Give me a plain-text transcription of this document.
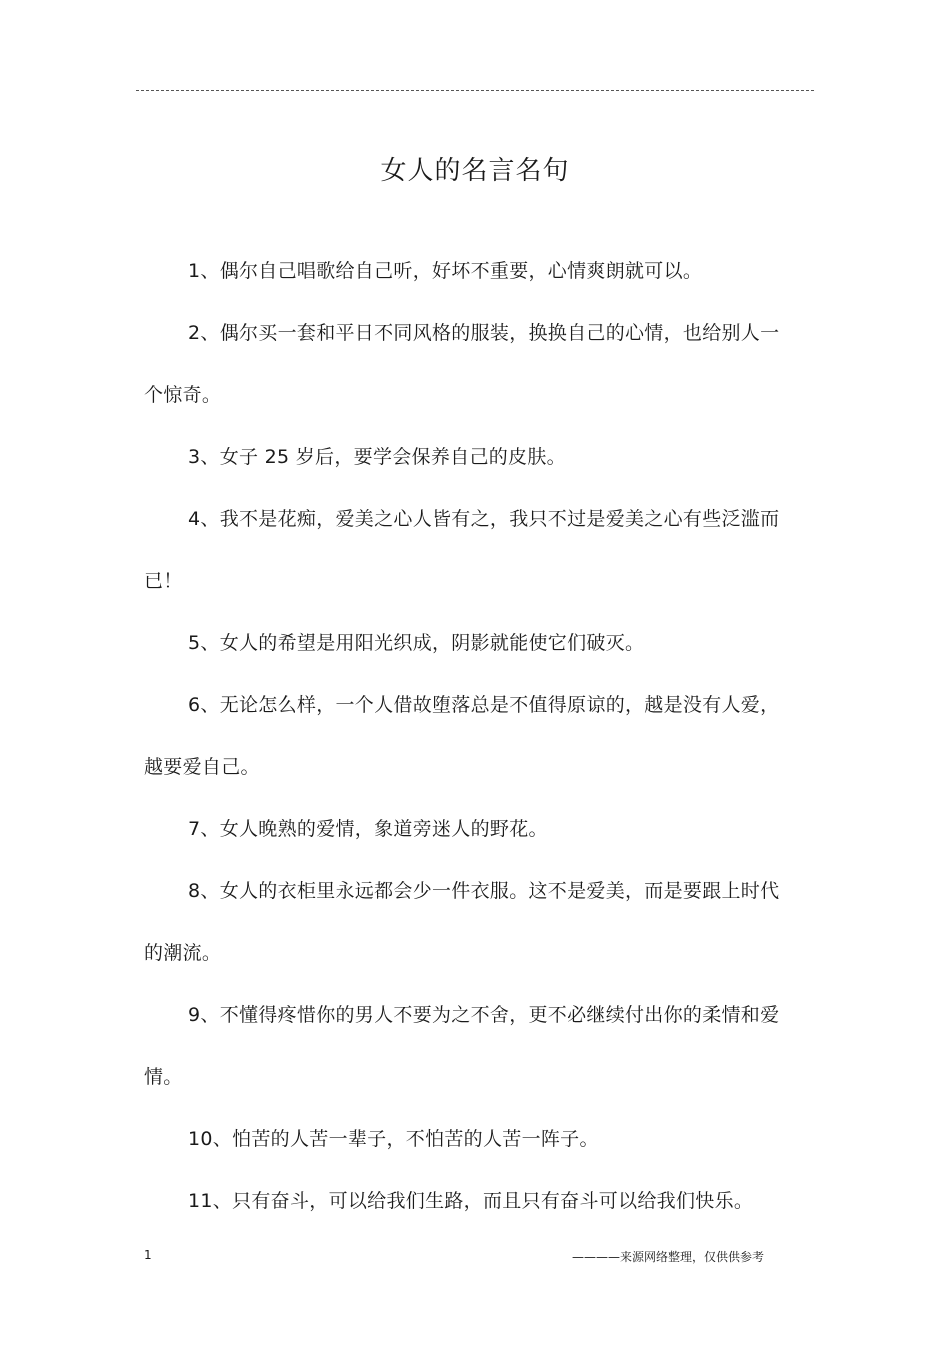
女人的名言名句
1、偶尔自己唱歌给自己听，好坏不重要，心情爽朗就可以。
2、偶尔买一套和平日不同风格的服装，换换自己的心情，也给别人一个惊奇。
3、女子 25 岁后，要学会保养自己的皮肤。
4、我不是花痴，爱美之心人皆有之，我只不过是爱美之心有些泛滥而已！
5、女人的希望是用阳光织成，阴影就能使它们破灭。
6、无论怎么样，一个人借故堕落总是不值得原谅的，越是没有人爱，越要爱自己。
7、女人晚熟的爱情，象道旁迷人的野花。
8、女人的衣柜里永远都会少一件衣服。这不是爱美，而是要跟上时代的潮流。
9、不懂得疼惜你的男人不要为之不舍，更不必继续付出你的柔情和爱情。
10、怕苦的人苦一辈子，不怕苦的人苦一阵子。
11、只有奋斗，可以给我们生路，而且只有奋斗可以给我们快乐。
1	————来源网络整理，仅供供参考
